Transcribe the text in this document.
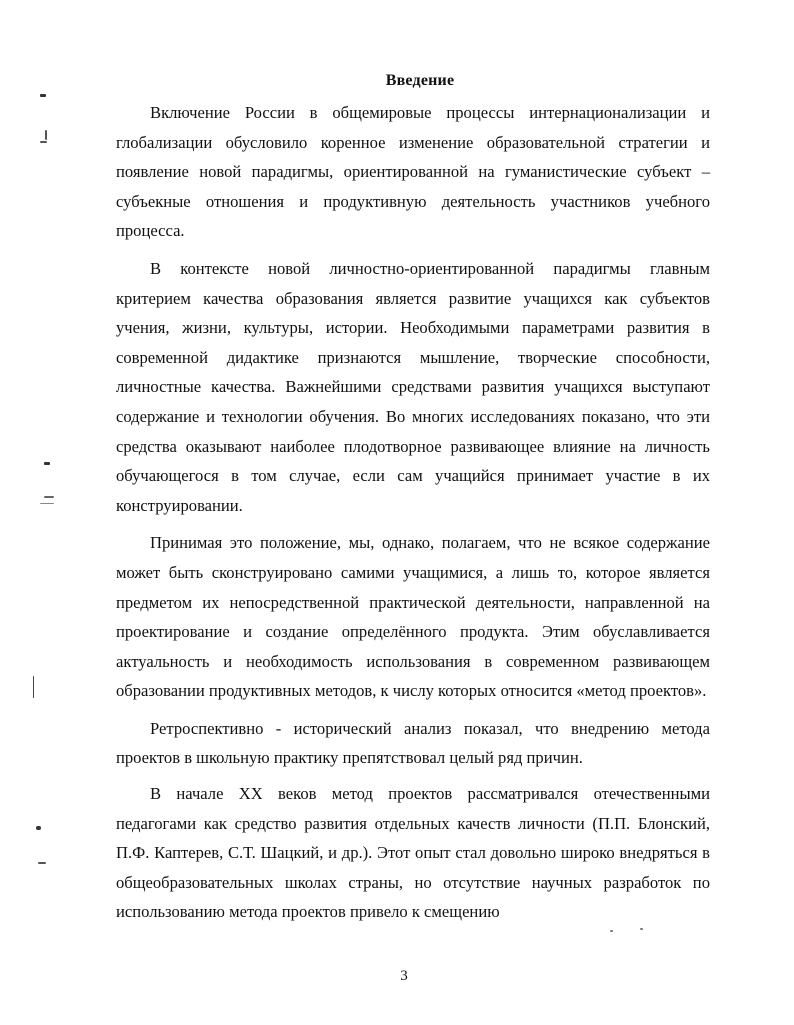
Введение

Включение России в общемировые процессы интернационализации и глобализации обусловило коренное изменение образовательной стратегии и появление новой парадигмы, ориентированной на гуманистические субъект – субъекные отношения и продуктивную деятельность участников учебного процесса.

В контексте новой личностно-ориентированной парадигмы главным критерием качества образования является развитие учащихся как субъектов учения, жизни, культуры, истории. Необходимыми параметрами развития в современной дидактике признаются мышление, творческие способности, личностные качества. Важнейшими средствами развития учащихся выступают содержание и технологии обучения. Во многих исследованиях показано, что эти средства оказывают наиболее плодотворное развивающее влияние на личность обучающегося в том случае, если сам учащийся принимает участие в их конструировании.

Принимая это положение, мы, однако, полагаем, что не всякое содержание может быть сконструировано самими учащимися, а лишь то, которое является предметом их непосредственной практической деятельности, направленной на проектирование и создание определённого продукта. Этим обуславливается актуальность и необходимость использования в современном развивающем образовании продуктивных методов, к числу которых относится «метод проектов».

Ретроспективно - исторический анализ показал, что внедрению метода проектов в школьную практику препятствовал целый ряд причин.

В начале XX веков метод проектов рассматривался отечественными педагогами как средство развития отдельных качеств личности (П.П. Блонский, П.Ф. Каптерев, С.Т. Шацкий, и др.). Этот опыт стал довольно широко внедряться в общеобразовательных школах страны, но отсутствие научных разработок по использованию метода проектов привело к смещению

3
